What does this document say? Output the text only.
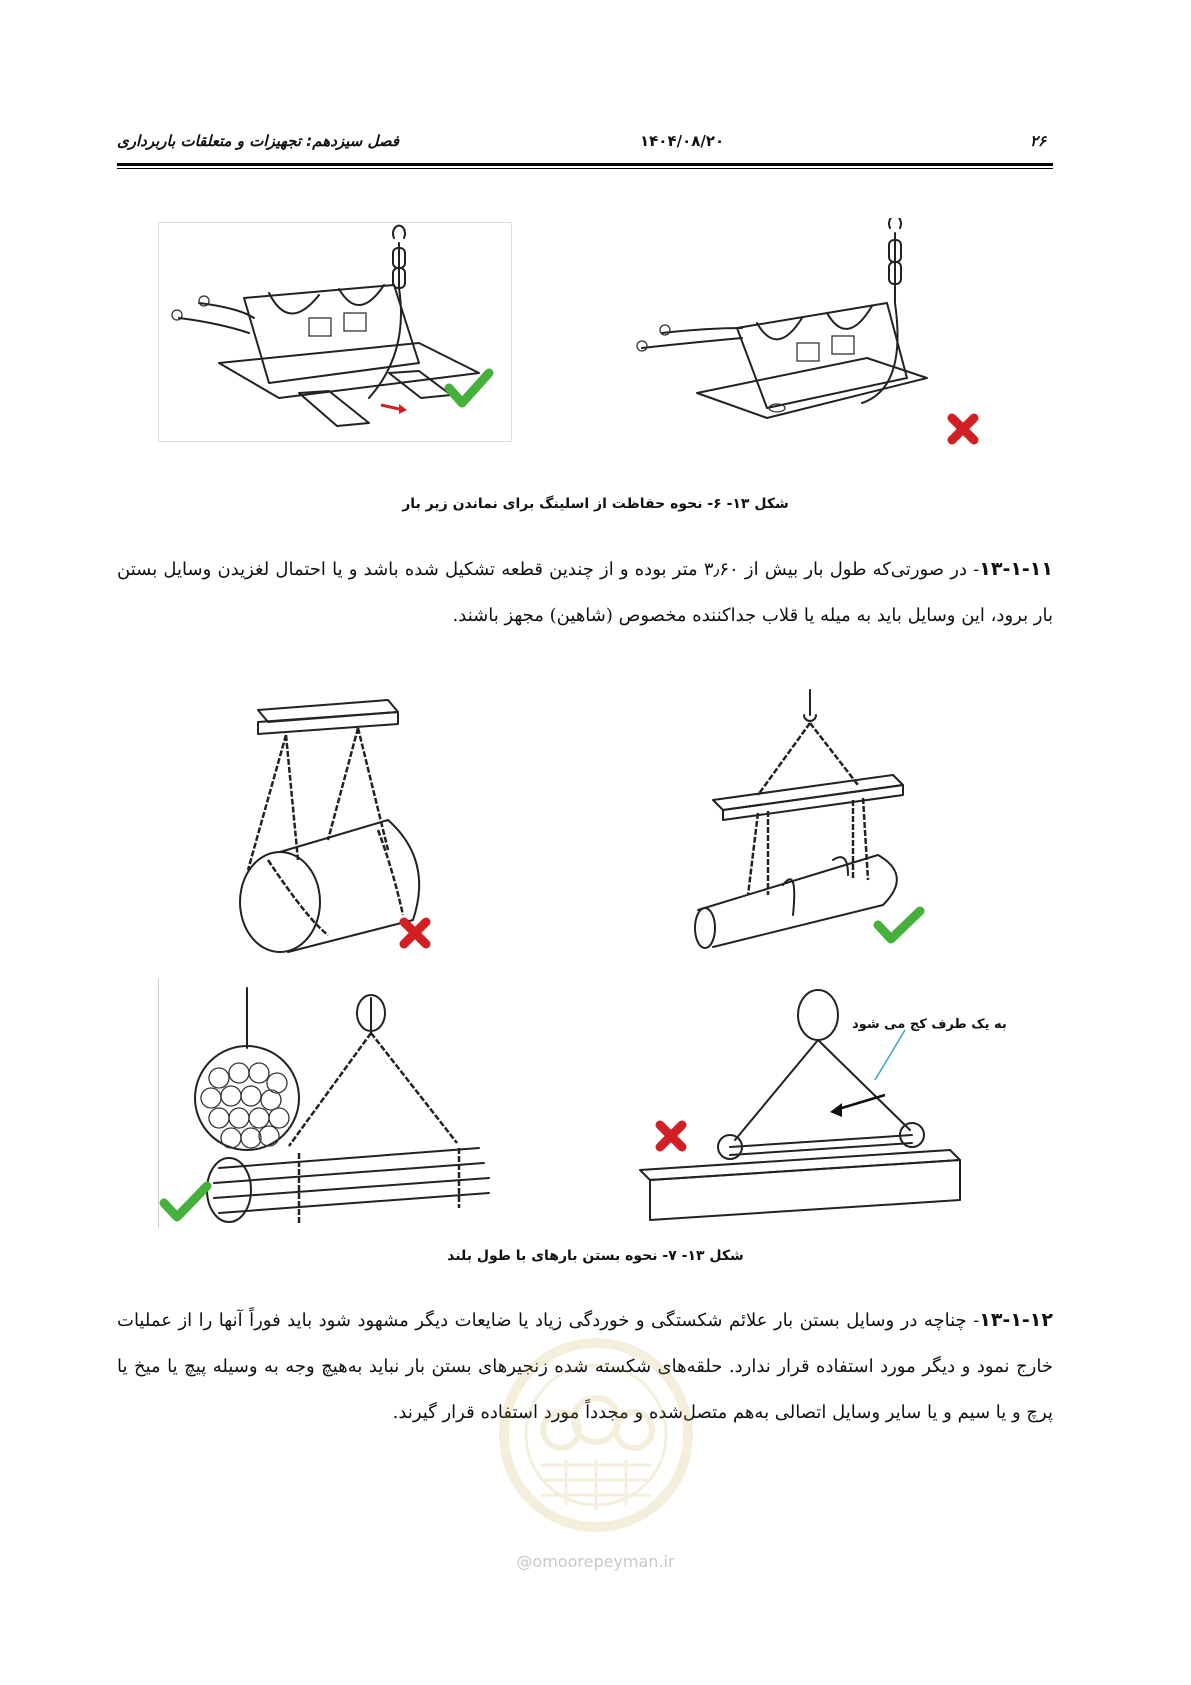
۲۶
۱۴۰۴/۰۸/۲۰
فصل سیزدهم: تجهیزات و متعلقات باربرداری
شکل ۱۳- ۶- نحوه حفاظت از اسلینگ برای نماندن زیر بار
۱۳-۱-۱۱- در صورتی‌که طول بار بیش از ۳٫۶۰ متر بوده و از چندین قطعه تشکیل شده باشد و یا احتمال لغزیدن وسایل بستن بار برود، این وسایل باید به میله یا قلاب جداکننده مخصوص (شاهین) مجهز باشند.
به یک طرف کج می شود
شکل ۱۳- ۷- نحوه بستن بارهای با طول بلند
۱۳-۱-۱۲- چناچه در وسایل بستن بار علائم شکستگی و خوردگی زیاد یا ضایعات دیگر مشهود شود باید فوراً آنها را از عملیات خارج نمود و دیگر مورد استفاده قرار ندارد. حلقه‌های شکسته شده زنجیرهای بستن بار نباید به‌هیچ وجه به وسیله پیچ یا میخ یا پرچ و یا سیم و یا سایر وسایل اتصالی به‌هم متصل‌شده و مجدداً مورد استفاده قرار گیرند.
@omoorepeyman.ir
